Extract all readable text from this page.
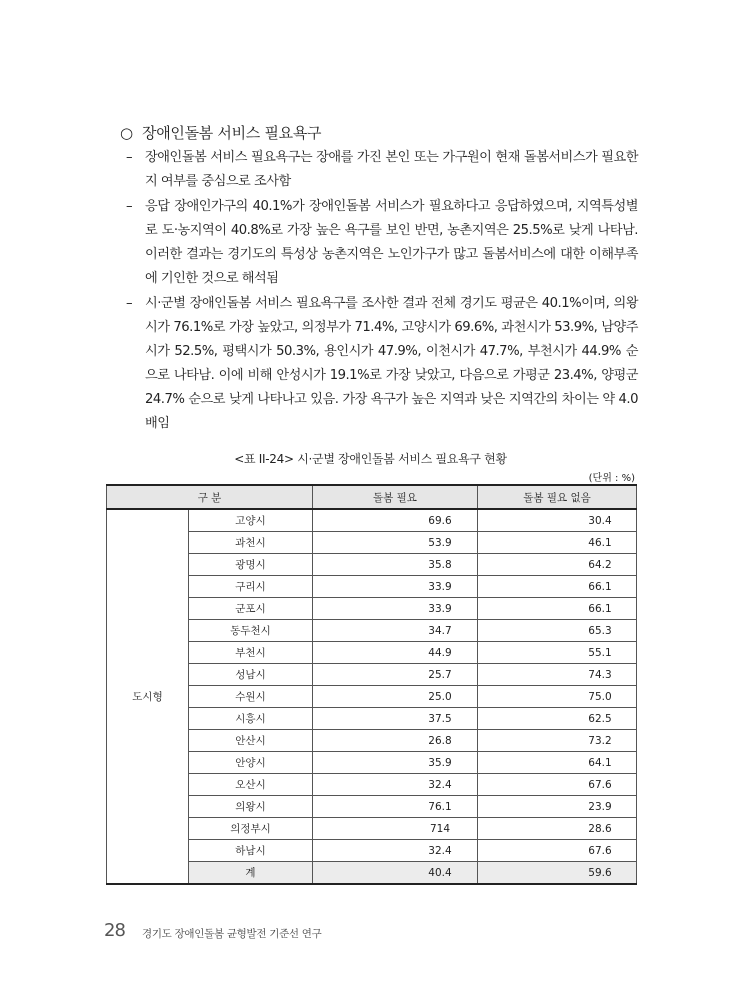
○ 장애인돌봄 서비스 필요욕구
– 장애인돌봄 서비스 필요욕구는 장애를 가진 본인 또는 가구원이 현재 돌봄서비스가 필요한지 여부를 중심으로 조사함
– 응답 장애인가구의 40.1%가 장애인돌봄 서비스가 필요하다고 응답하였으며, 지역특성별로 도·농지역이 40.8%로 가장 높은 욕구를 보인 반면, 농촌지역은 25.5%로 낮게 나타남. 이러한 결과는 경기도의 특성상 농촌지역은 노인가구가 많고 돌봄서비스에 대한 이해부족에 기인한 것으로 해석됨
– 시·군별 장애인돌봄 서비스 필요욕구를 조사한 결과 전체 경기도 평균은 40.1%이며, 의왕시가 76.1%로 가장 높았고, 의정부가 71.4%, 고양시가 69.6%, 과천시가 53.9%, 남양주시가 52.5%, 평택시가 50.3%, 용인시가 47.9%, 이천시가 47.7%, 부천시가 44.9% 순으로 나타남. 이에 비해 안성시가 19.1%로 가장 낮았고, 다음으로 가평군 23.4%, 양평군 24.7% 순으로 낮게 나타나고 있음. 가장 욕구가 높은 지역과 낮은 지역간의 차이는 약 4.0배임
<표 II-24> 시·군별 장애인돌봄 서비스 필요욕구 현황
(단위 : %)
구 분		돌봄 필요	돌봄 필요 없음
도시형	고양시	69.6	30.4
	과천시	53.9	46.1
	광명시	35.8	64.2
	구리시	33.9	66.1
	군포시	33.9	66.1
	동두천시	34.7	65.3
	부천시	44.9	55.1
	성남시	25.7	74.3
	수원시	25.0	75.0
	시흥시	37.5	62.5
	안산시	26.8	73.2
	안양시	35.9	64.1
	오산시	32.4	67.6
	의왕시	76.1	23.9
	의정부시	714	28.6
	하남시	32.4	67.6
	계	40.4	59.6
28 경기도 장애인돌봄 균형발전 기준선 연구
